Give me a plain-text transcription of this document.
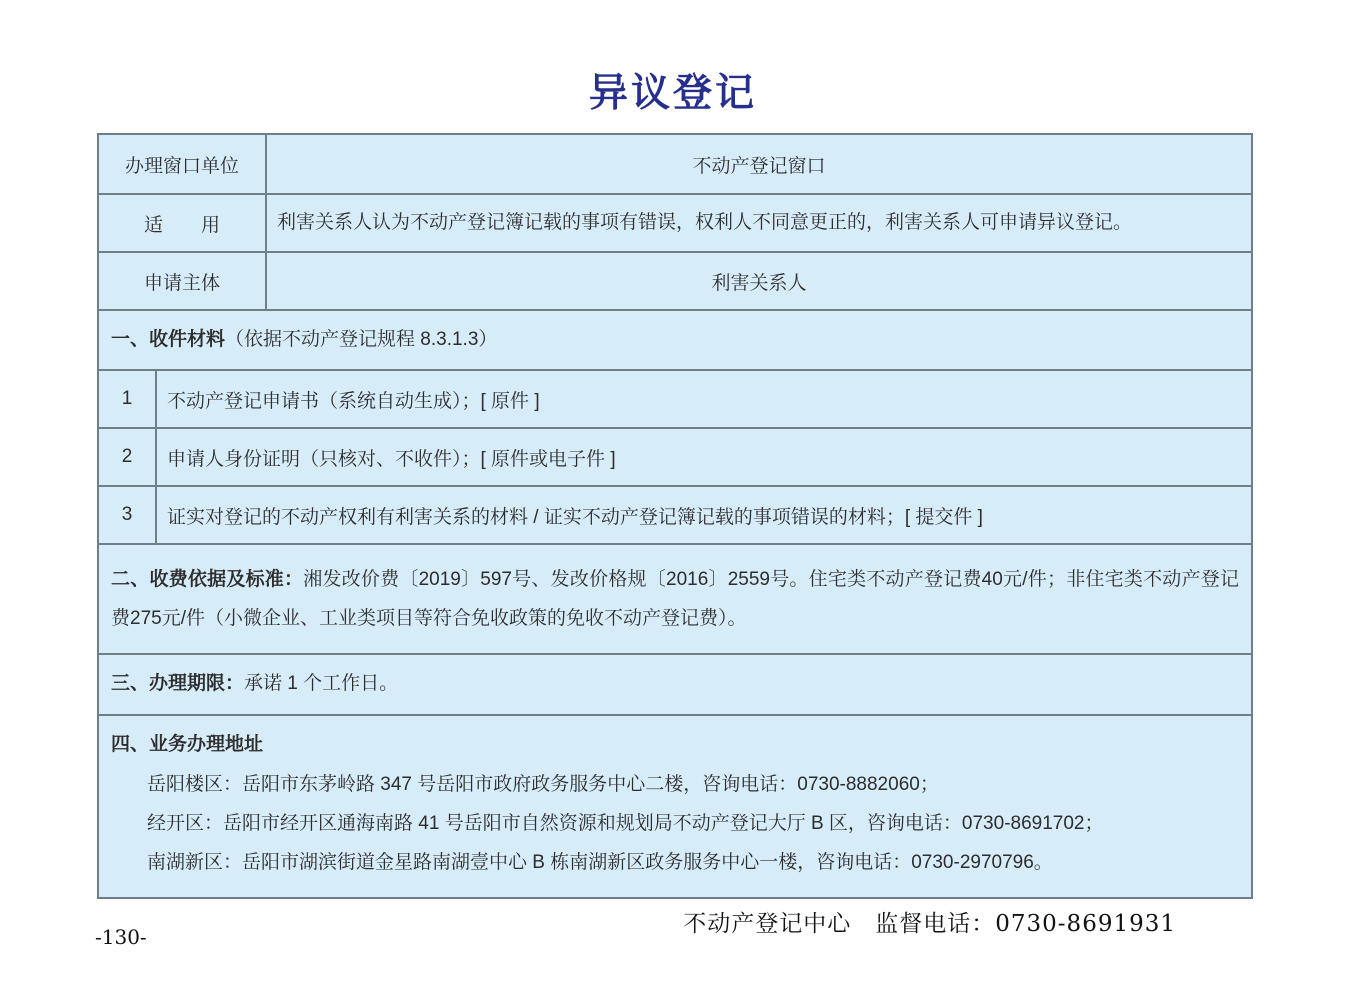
异议登记
办理窗口单位	不动产登记窗口
适　　用	利害关系人认为不动产登记簿记载的事项有错误，权利人不同意更正的，利害关系人可申请异议登记。
申请主体	利害关系人
一、收件材料（依据不动产登记规程 8.3.1.3）
1	不动产登记申请书（系统自动生成）；[ 原件 ]
2	申请人身份证明（只核对、不收件）；[ 原件或电子件 ]
3	证实对登记的不动产权利有利害关系的材料 / 证实不动产登记簿记载的事项错误的材料；[ 提交件 ]
二、收费依据及标准：湘发改价费〔2019〕597号、发改价格规〔2016〕2559号。住宅类不动产登记费40元/件；非住宅类不动产登记费275元/件（小微企业、工业类项目等符合免收政策的免收不动产登记费）。
三、办理期限：承诺 1 个工作日。

四、业务办理地址

岳阳楼区：岳阳市东茅岭路 347 号岳阳市政府政务服务中心二楼，咨询电话：0730-8882060；

经开区：岳阳市经开区通海南路 41 号岳阳市自然资源和规划局不动产登记大厅 B 区，咨询电话：0730-8691702；

南湖新区：岳阳市湖滨街道金星路南湖壹中心 B 栋南湖新区政务服务中心一楼，咨询电话：0730-2970796。

不动产登记中心　监督电话：0730-8691931
-130-
